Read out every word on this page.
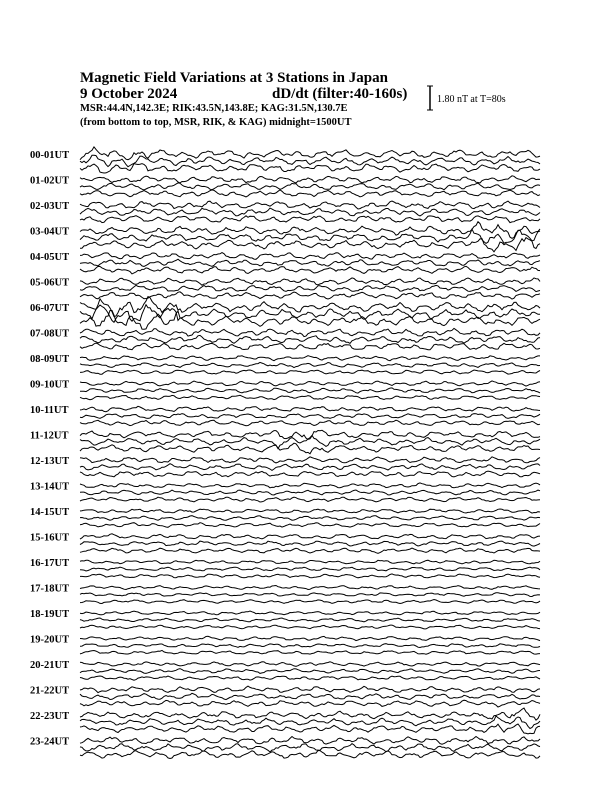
Magnetic Field Variations at 3 Stations in Japan
9 October 2024	dD/dt (filter:40-160s)
MSR:44.4N,142.3E; RIK:43.5N,143.8E; KAG:31.5N,130.7E
(from bottom to top, MSR, RIK, & KAG) midnight=1500UT
1.80 nT at T=80s
00-01UT
01-02UT
02-03UT
03-04UT
04-05UT
05-06UT
06-07UT
07-08UT
08-09UT
09-10UT
10-11UT
11-12UT
12-13UT
13-14UT
14-15UT
15-16UT
16-17UT
17-18UT
18-19UT
19-20UT
20-21UT
21-22UT
22-23UT
23-24UT
